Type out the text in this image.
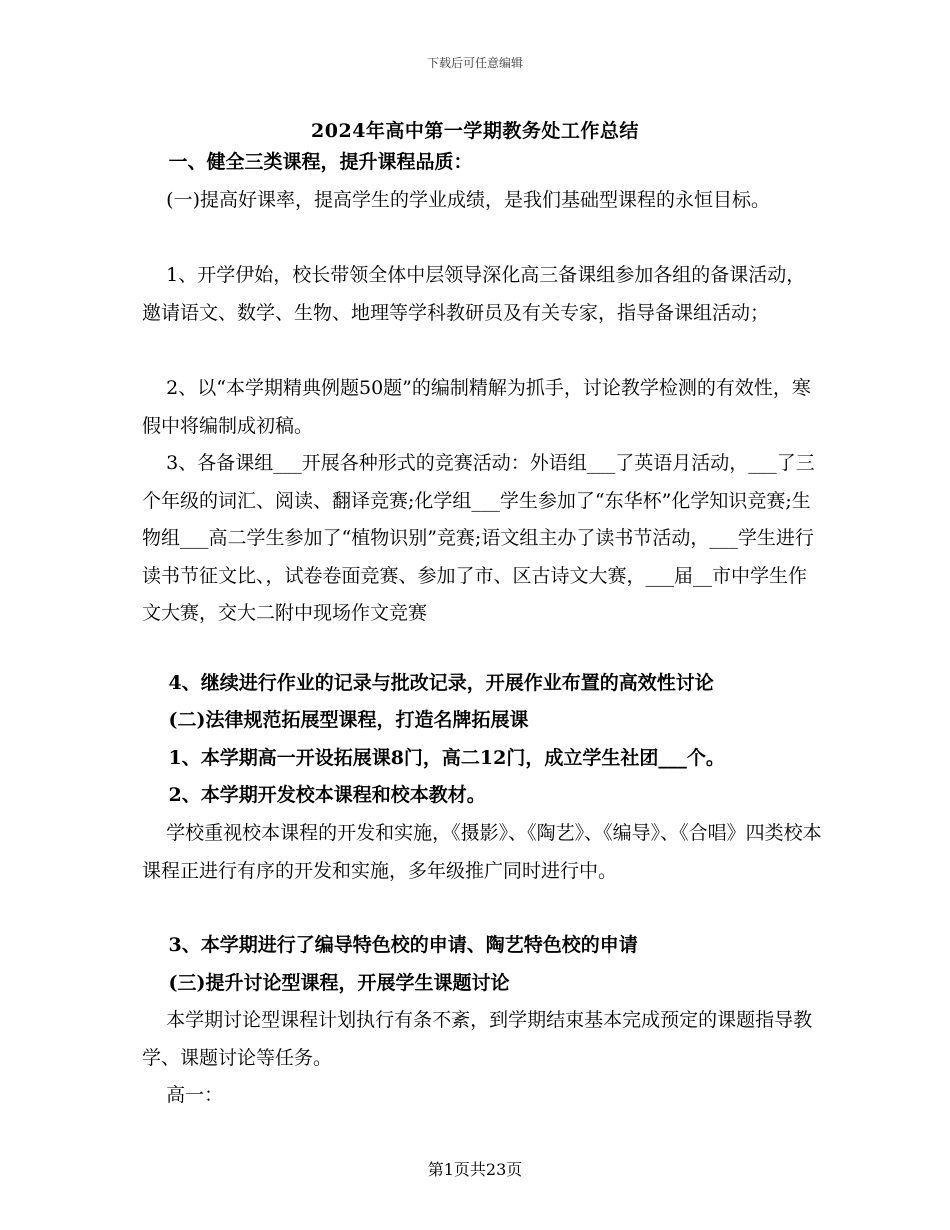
下载后可任意编辑
2024年高中第一学期教务处工作总结
一、健全三类课程，提升课程品质：
(一)提高好课率，提高学生的学业成绩，是我们基础型课程的永恒目标。
1、开学伊始，校长带领全体中层领导深化高三备课组参加各组的备课活动，邀请语文、数学、生物、地理等学科教研员及有关专家，指导备课组活动；
2、以“本学期精典例题50题”的编制精解为抓手，讨论教学检测的有效性，寒假中将编制成初稿。
3、各备课组___开展各种形式的竞赛活动：外语组___了英语月活动，___了三个年级的词汇、阅读、翻译竞赛;化学组___学生参加了“东华杯”化学知识竞赛;生物组___高二学生参加了“植物识别”竞赛;语文组主办了读书节活动，___学生进行读书节征文比、，试卷卷面竞赛、参加了市、区古诗文大赛，___届__市中学生作文大赛，交大二附中现场作文竞赛
4、继续进行作业的记录与批改记录，开展作业布置的高效性讨论
(二)法律规范拓展型课程，打造名牌拓展课
1、本学期高一开设拓展课8门，高二12门，成立学生社团___个。
2、本学期开发校本课程和校本教材。
学校重视校本课程的开发和实施，《摄影》、《陶艺》、《编导》、《合唱》四类校本课程正进行有序的开发和实施，多年级推广同时进行中。
3、本学期进行了编导特色校的申请、陶艺特色校的申请
(三)提升讨论型课程，开展学生课题讨论
本学期讨论型课程计划执行有条不紊，到学期结束基本完成预定的课题指导教学、课题讨论等任务。
高一：
第1页共23页
